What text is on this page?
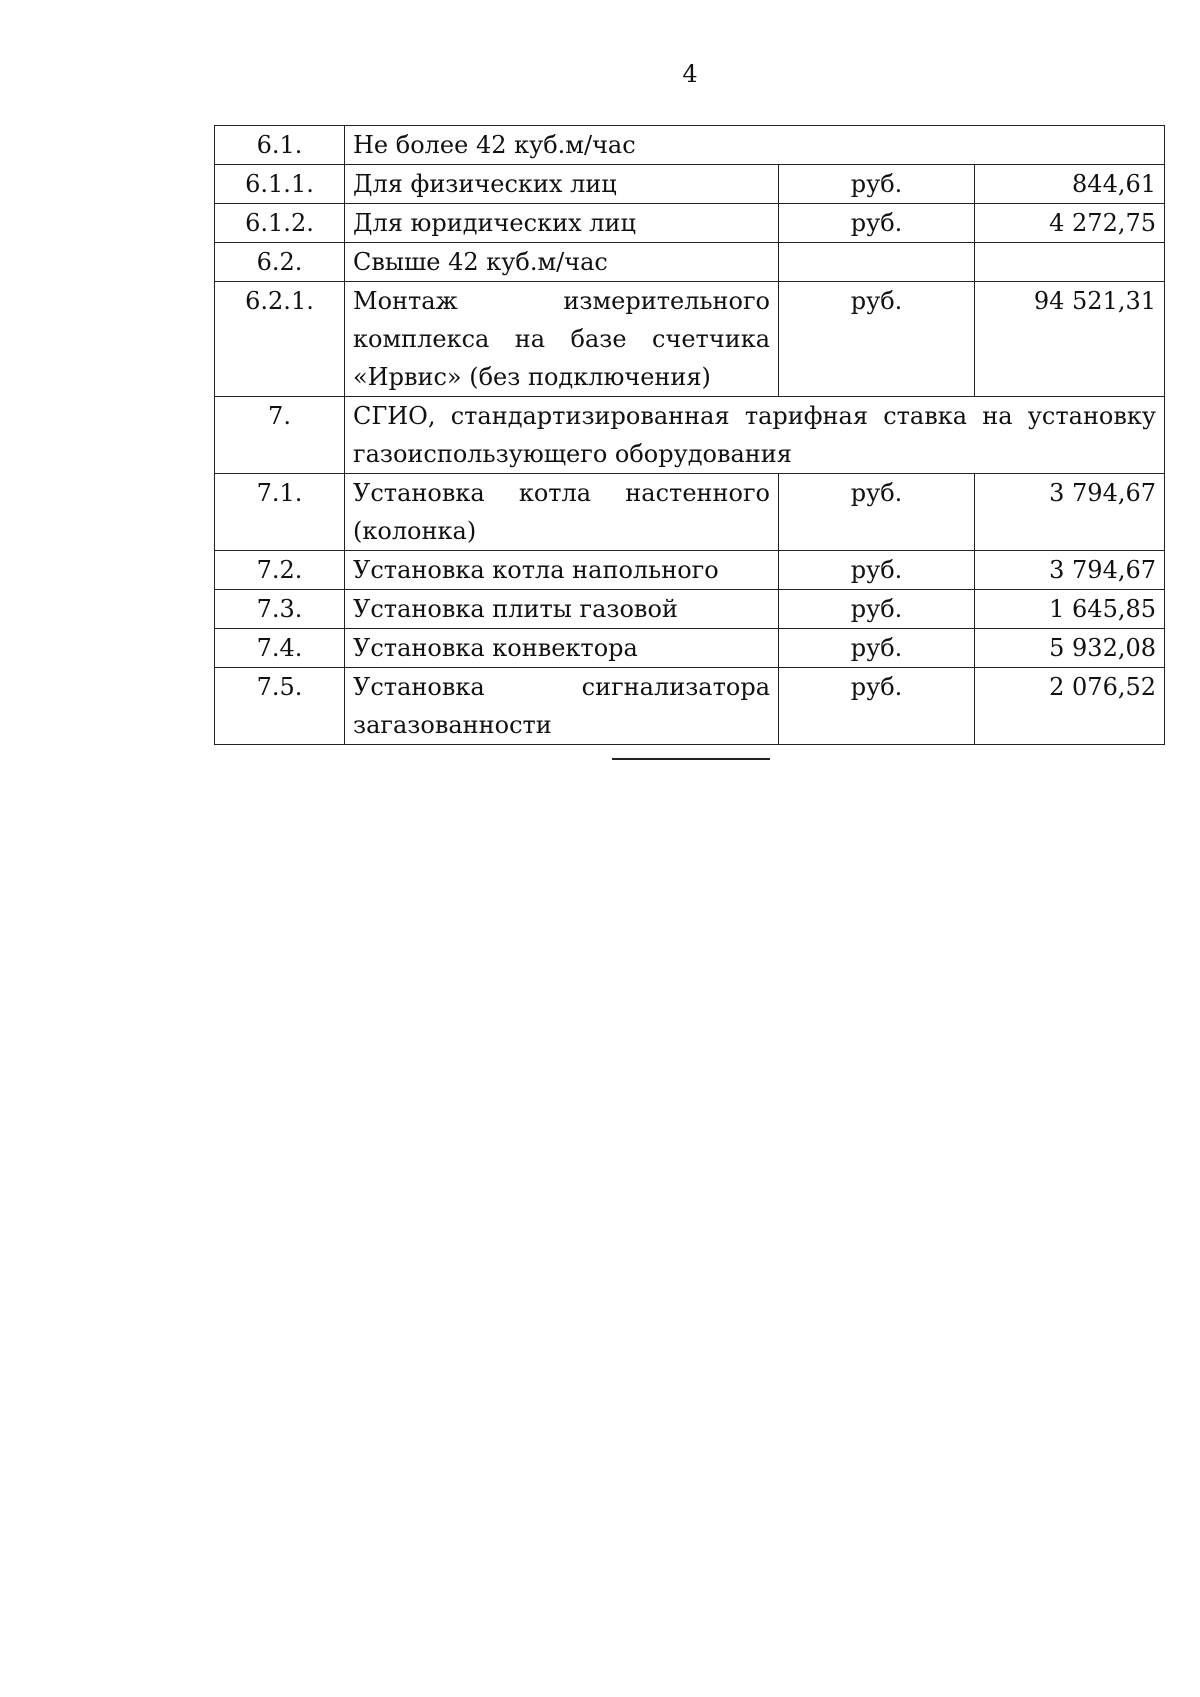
4
6.1.	Не более 42 куб.м/час		
6.1.1.	Для физических лиц	руб.	844,61
6.1.2.	Для юридических лиц	руб.	4 272,75
6.2.	Свыше 42 куб.м/час		
6.2.1.	Монтаж измерительного комплекса на базе счетчика «Ирвис» (без подключения)	руб.	94 521,31
7.	СГИО, стандартизированная тарифная ставка на установку газоиспользующего оборудования		
7.1.	Установка котла настенного (колонка)	руб.	3 794,67
7.2.	Установка котла напольного	руб.	3 794,67
7.3.	Установка плиты газовой	руб.	1 645,85
7.4.	Установка конвектора	руб.	5 932,08
7.5.	Установка сигнализатора загазованности	руб.	2 076,52
